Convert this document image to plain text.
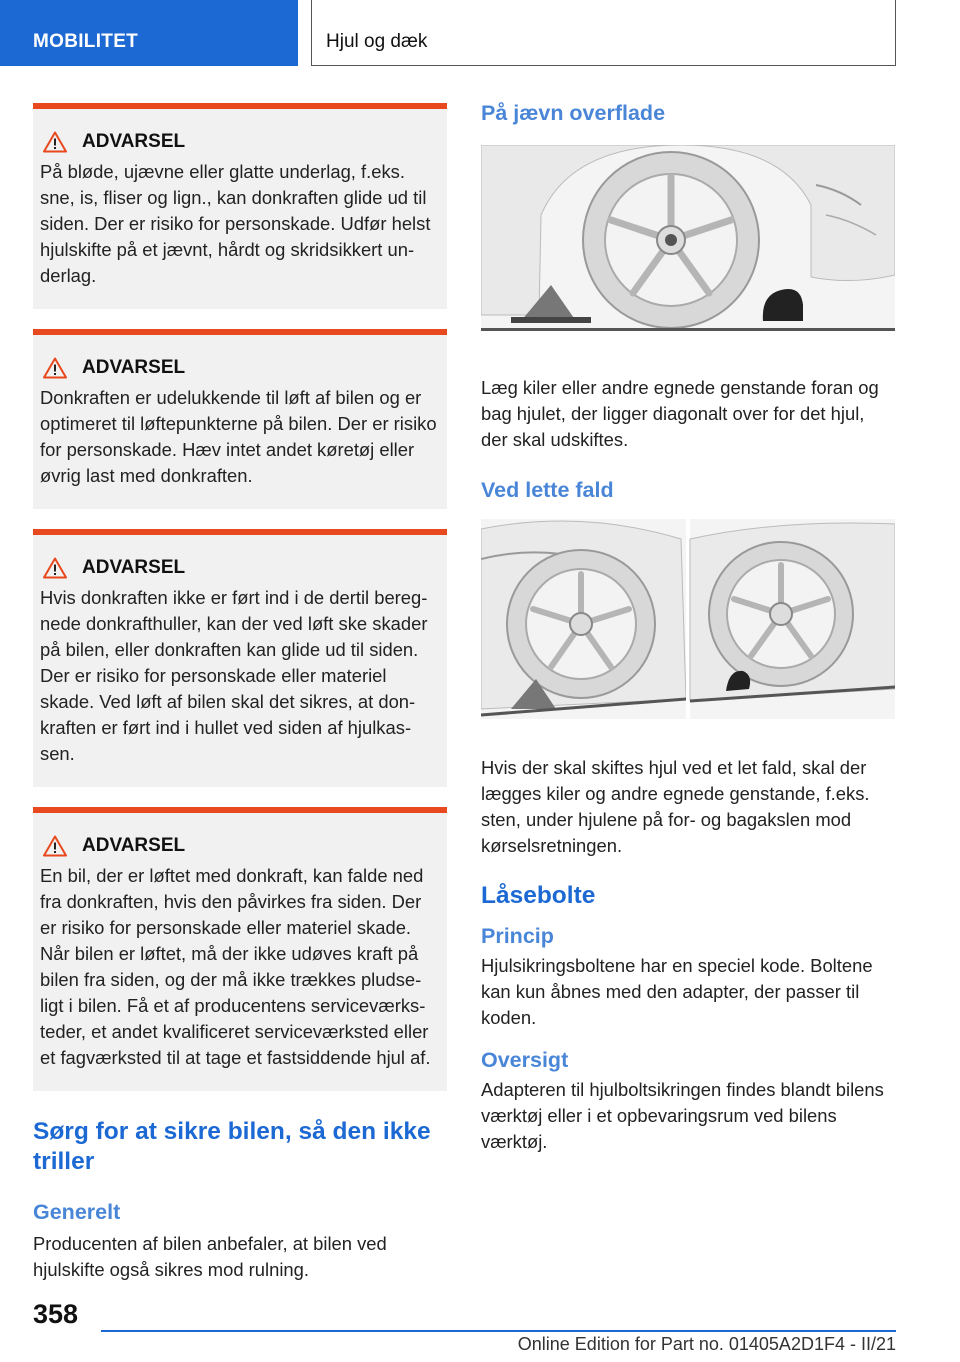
MOBILITET	Hjul og dæk
ADVARSEL
På bløde, ujævne eller glatte underlag, f.eks. sne, is, fliser og lign., kan donkraften glide ud til siden. Der er risiko for personskade. Udfør helst hjulskifte på et jævnt, hårdt og skridsikkert underlag.
ADVARSEL
Donkraften er udelukkende til løft af bilen og er optimeret til løftepunkterne på bilen. Der er risiko for personskade. Hæv intet andet køretøj eller øvrig last med donkraften.
ADVARSEL
Hvis donkraften ikke er ført ind i de dertil beregnede donkrafthuller, kan der ved løft ske skader på bilen, eller donkraften kan glide ud til siden. Der er risiko for personskade eller materiel skade. Ved løft af bilen skal det sikres, at donkraften er ført ind i hullet ved siden af hjulkassen.
ADVARSEL
En bil, der er løftet med donkraft, kan falde ned fra donkraften, hvis den påvirkes fra siden. Der er risiko for personskade eller materiel skade. Når bilen er løftet, må der ikke udøves kraft på bilen fra siden, og der må ikke trækkes pludseligt i bilen. Få et af producentens serviceværksteder, et andet kvalificeret serviceværksted eller et fagværksted til at tage et fastsiddende hjul af.
Sørg for at sikre bilen, så den ikke triller
Generelt
Producenten af bilen anbefaler, at bilen ved hjulskifte også sikres mod rulning.
På jævn overflade
Læg kiler eller andre egnede genstande foran og bag hjulet, der ligger diagonalt over for det hjul, der skal udskiftes.
Ved lette fald
Hvis der skal skiftes hjul ved et let fald, skal der lægges kiler og andre egnede genstande, f.eks. sten, under hjulene på for- og bagakslen mod kørselsretningen.
Låsebolte
Princip
Hjulsikringsboltene har en speciel kode. Boltene kan kun åbnes med den adapter, der passer til koden.
Oversigt
Adapteren til hjulboltsikringen findes blandt bilens værktøj eller i et opbevaringsrum ved bilens værktøj.
358
Online Edition for Part no. 01405A2D1F4 - II/21
